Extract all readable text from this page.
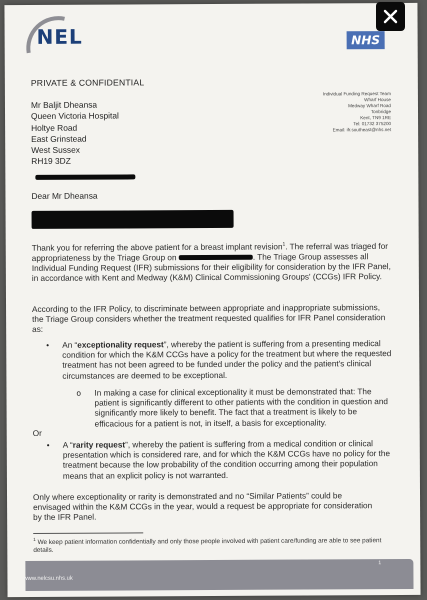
NEL	NHS
PRIVATE & CONFIDENTIAL
Mr Baljit Dheansa
Queen Victoria Hospital
Holtye Road
East Grinstead
West Sussex
RH19 3DZ
Individual Funding Request Team
Wharf House
Medway Wharf Road
Tonbridge
Kent, TN9 1RE
Tel: 01732 375200
Email: ifr.southeast@nhs.net
Dear Mr Dheansa
Thank you for referring the above patient for a breast implant revision$^1$. The referral was triaged for appropriateness by the Triage Group on	. The Triage Group assesses all Individual Funding Request (IFR) submissions for their eligibility for consideration by the IFR Panel, in accordance with Kent and Medway (K&M) Clinical Commissioning Groups' (CCGs) IFR Policy.
According to the IFR Policy, to discriminate between appropriate and inappropriate submissions, the Triage Group considers whether the treatment requested qualifies for IFR Panel consideration as:
• An “exceptionality request”, whereby the patient is suffering from a presenting medical condition for which the K&M CCGs have a policy for the treatment but where the requested treatment has not been agreed to be funded under the policy and the patient's clinical circumstances are deemed to be exceptional.
o In making a case for clinical exceptionality it must be demonstrated that: The patient is significantly different to other patients with the condition in question and significantly more likely to benefit. The fact that a treatment is likely to be efficacious for a patient is not, in itself, a basis for exceptionality.
Or
• A “rarity request”, whereby the patient is suffering from a medical condition or clinical presentation which is considered rare, and for which the K&M CCGs have no policy for the treatment because the low probability of the condition occurring among their population means that an explicit policy is not warranted.
Only where exceptionality or rarity is demonstrated and no “Similar Patients” could be envisaged within the K&M CCGs in the year, would a request be appropriate for consideration by the IFR Panel.
$^1$ We keep patient information confidentially and only those people involved with patient care/funding are able to see patient details.
www.nelcsu.nhs.uk
1
